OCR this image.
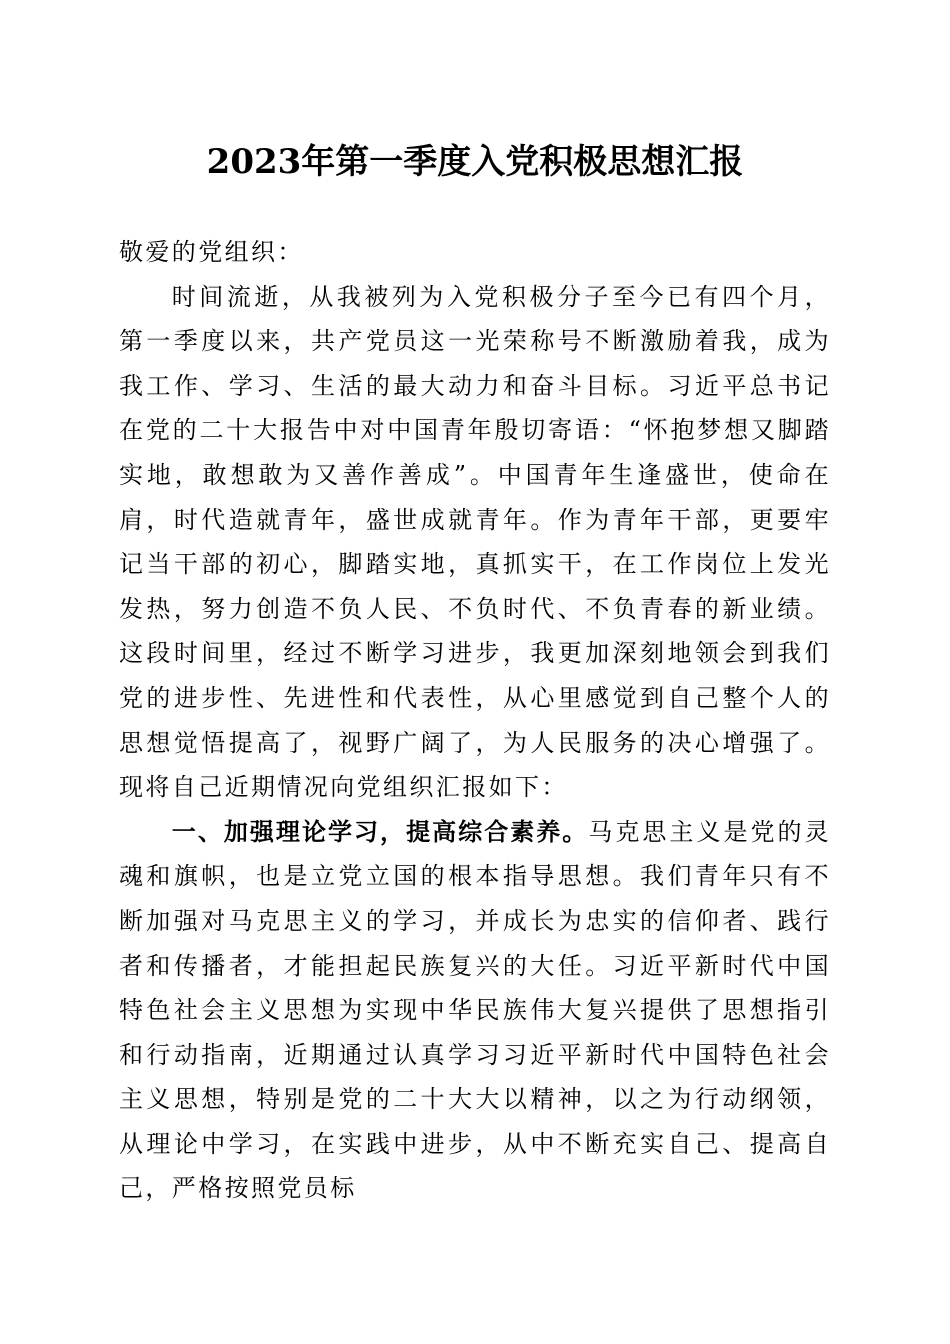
2023年第一季度入党积极思想汇报

敬爱的党组织：

时间流逝，从我被列为入党积极分子至今已有四个月，第一季度以来，共产党员这一光荣称号不断激励着我，成为我工作、学习、生活的最大动力和奋斗目标。习近平总书记在党的二十大报告中对中国青年殷切寄语：“怀抱梦想又脚踏实地，敢想敢为又善作善成”。中国青年生逢盛世，使命在肩，时代造就青年，盛世成就青年。作为青年干部，更要牢记当干部的初心，脚踏实地，真抓实干，在工作岗位上发光发热，努力创造不负人民、不负时代、不负青春的新业绩。这段时间里，经过不断学习进步，我更加深刻地领会到我们党的进步性、先进性和代表性，从心里感觉到自己整个人的思想觉悟提高了，视野广阔了，为人民服务的决心增强了。现将自己近期情况向党组织汇报如下：

一、加强理论学习，提高综合素养。马克思主义是党的灵魂和旗帜，也是立党立国的根本指导思想。我们青年只有不断加强对马克思主义的学习，并成长为忠实的信仰者、践行者和传播者，才能担起民族复兴的大任。习近平新时代中国特色社会主义思想为实现中华民族伟大复兴提供了思想指引和行动指南，近期通过认真学习习近平新时代中国特色社会主义思想，特别是党的二十大大以精神，以之为行动纲领，从理论中学习，在实践中进步，从中不断充实自己、提高自己，严格按照党员标
